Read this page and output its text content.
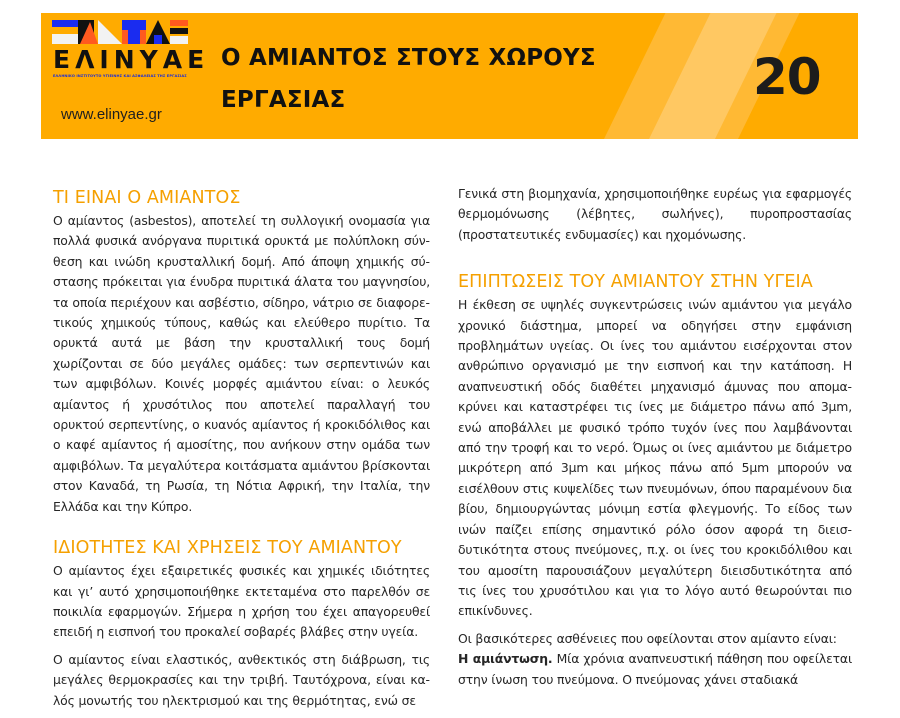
ΕΛΙΝΥΑΕ
ΕΛΛΗΝΙΚΟ ΙΝΣΤΙΤΟΥΤΟ ΥΓΙΕΙΝΗΣ ΚΑΙ ΑΣΦΑΛΕΙΑΣ ΤΗΣ ΕΡΓΑΣΙΑΣ
www.elinyae.gr
Ο ΑΜΙΑΝΤΟΣ ΣΤΟΥΣ ΧΩΡΟΥΣ
ΕΡΓΑΣΙΑΣ	20
ΤΙ ΕΙΝΑΙ Ο ΑΜΙΑΝΤΟΣ

Ο αμίαντος (asbestos), αποτελεί τη συλλογική ονομασία για πολλά φυσικά ανόργανα πυριτικά ορυκτά με πολύπλοκη σύνθεση και ινώδη κρυσταλλική δομή. Από άποψη χημικής σύστασης πρόκειται για ένυδρα πυριτικά άλατα του μαγνησίου, τα οποία περιέχουν και ασβέστιο, σίδηρο, νάτριο σε διαφορετικούς χημικούς τύπους, καθώς και ελεύθερο πυρίτιο. Τα ορυκτά αυτά με βάση την κρυσταλλική τους δομή χωρίζονται σε δύο μεγάλες ομάδες: των σερπεντινών και των αμφιβόλων. Κοινές μορφές αμιάντου είναι: ο λευκός αμίαντος ή χρυσότιλος που αποτελεί παραλλαγή του ορυκτού σερπεντίνης, ο κυανός αμίαντος ή κροκιδόλιθος και ο καφέ αμίαντος ή αμοσίτης, που ανήκουν στην ομάδα των αμφιβόλων. Τα μεγαλύτερα κοιτάσματα αμιάντου βρίσκονται στον Καναδά, τη Ρωσία, τη Νότια Αφρική, την Ιταλία, την Ελλάδα και την Κύπρο.

ΙΔΙΟΤΗΤΕΣ ΚΑΙ ΧΡΗΣΕΙΣ ΤΟΥ ΑΜΙΑΝΤΟΥ

Ο αμίαντος έχει εξαιρετικές φυσικές και χημικές ιδιότητες και γι’ αυτό χρησιμοποιήθηκε εκτεταμένα στο παρελθόν σε ποικιλία εφαρμογών. Σήμερα η χρήση του έχει απαγορευθεί επειδή η εισπνοή του προκαλεί σοβαρές βλάβες στην υγεία.

Ο αμίαντος είναι ελαστικός, ανθεκτικός στη διάβρωση, τις μεγάλες θερμοκρασίες και την τριβή. Ταυτόχρονα, είναι καλός μονωτής του ηλεκτρισμού και της θερμότητας, ενώ σε

Γενικά στη βιομηχανία, χρησιμοποιήθηκε ευρέως για εφαρμογές θερμομόνωσης (λέβητες, σωλήνες), πυροπροστασίας (προστατευτικές ενδυμασίες) και ηχομόνωσης.

ΕΠΙΠΤΩΣΕΙΣ ΤΟΥ ΑΜΙΑΝΤΟΥ ΣΤΗΝ ΥΓΕΙΑ

Η έκθεση σε υψηλές συγκεντρώσεις ινών αμιάντου για μεγάλο χρονικό διάστημα, μπορεί να οδηγήσει στην εμφάνιση προβλημάτων υγείας. Οι ίνες του αμιάντου εισέρχονται στον ανθρώπινο οργανισμό με την εισπνοή και την κατάποση. Η αναπνευστική οδός διαθέτει μηχανισμό άμυνας που απομακρύνει και καταστρέφει τις ίνες με διάμετρο πάνω από 3μm, ενώ αποβάλλει με φυσικό τρόπο τυχόν ίνες που λαμβάνονται από την τροφή και το νερό. Όμως οι ίνες αμιάντου με διάμετρο μικρότερη από 3μm και μήκος πάνω από 5μm μπορούν να εισέλθουν στις κυψελίδες των πνευμόνων, όπου παραμένουν δια βίου, δημιουργώντας μόνιμη εστία φλεγμονής. Το είδος των ινών παίζει επίσης σημαντικό ρόλο όσον αφορά τη διεισδυτικότητα στους πνεύμονες, π.χ. οι ίνες του κροκιδόλιθου και του αμοσίτη παρουσιάζουν μεγαλύτερη διεισδυτικότητα από τις ίνες του χρυσότιλου και για το λόγο αυτό θεωρούνται πιο επικίνδυνες.

Οι βασικότερες ασθένειες που οφείλονται στον αμίαντο είναι:
Η αμιάντωση. Μία χρόνια αναπνευστική πάθηση που οφείλεται στην ίνωση του πνεύμονα. Ο πνεύμονας χάνει σταδιακά
